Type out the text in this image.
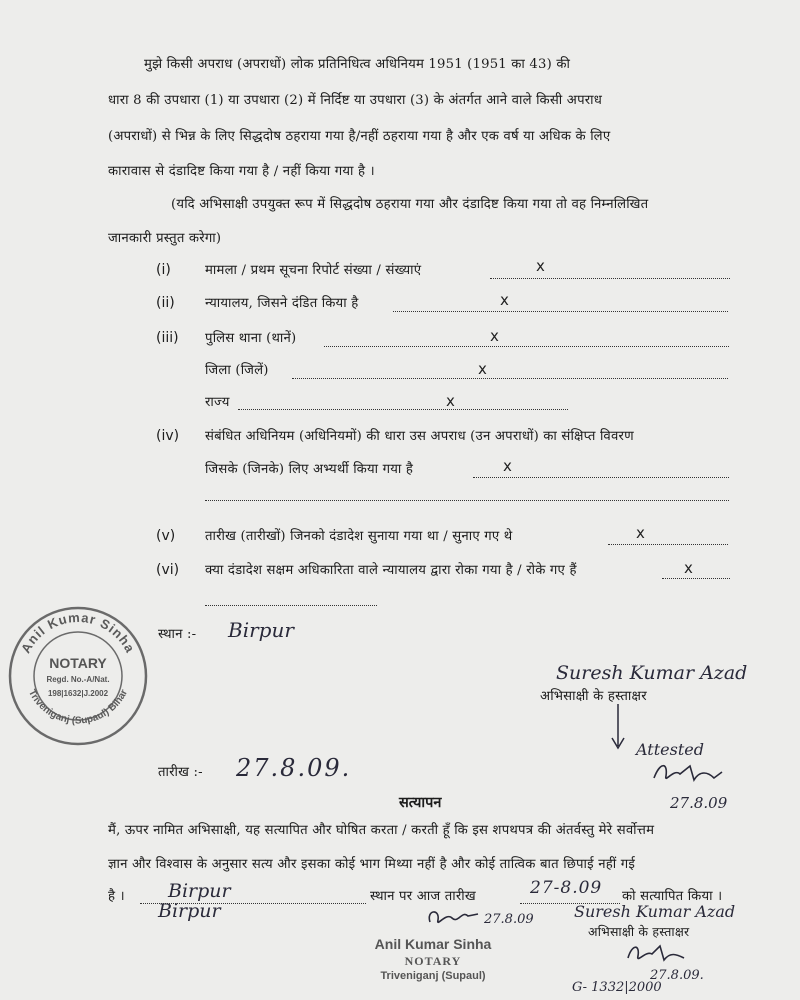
मुझे किसी अपराध (अपराधों) लोक प्रतिनिधित्व अधिनियम 1951 (1951 का 43) की
धारा 8 की उपधारा (1) या उपधारा (2) में निर्दिष्ट या उपधारा (3) के अंतर्गत आने वाले किसी अपराध
(अपराधों) से भिन्न के लिए सिद्धदोष ठहराया गया है/नहीं ठहराया गया है और एक वर्ष या अधिक के लिए
कारावास से दंडादिष्ट किया गया है / नहीं किया गया है ।
(यदि अभिसाक्षी उपयुक्त रूप में सिद्धदोष ठहराया गया और दंडादिष्ट किया गया तो वह निम्नलिखित
जानकारी प्रस्तुत करेगा)
(i)	मामला / प्रथम सूचना रिपोर्ट संख्या / संख्याएं	x
(ii) न्यायालय, जिसने दंडित किया है	x
(iii) पुलिस थाना (थानें)	x
जिला (जिलें)	x
राज्य	x
(iv) संबंधित अधिनियम (अधिनियमों) की धारा उस अपराध (उन अपराधों) का संक्षिप्त विवरण
जिसके (जिनके) लिए अभ्यर्थी किया गया है	x
(v) तारीख (तारीखों) जिनको दंडादेश सुनाया गया था / सुनाए गए थे	x
(vi) क्या दंडादेश सक्षम अधिकारिता वाले न्यायालय द्वारा रोका गया है / रोके गए हैं	x
स्थान :- Birpur
Suresh Kumar Azad
अभिसाक्षी के हस्ताक्षर
Attested
27.8.09
तारीख :- 27.8.09.
सत्यापन
मैं, ऊपर नामित अभिसाक्षी, यह सत्यापित और घोषित करता / करती हूँ कि इस शपथपत्र की अंतर्वस्तु मेरे सर्वोत्तम
ज्ञान और विश्वास के अनुसार सत्य और इसका कोई भाग मिथ्या नहीं है और कोई तात्विक बात छिपाई नहीं गई
है । Birpur	स्थान पर आज तारीख	27-8.09 को सत्यापित किया ।
Birpur	27.8.09	Suresh Kumar Azad
अभिसाक्षी के हस्ताक्षर
27.8.09.
G- 1332|2000
Anil Kumar Sinha
NOTARY
Triveniganj (Supaul)
Anil Kumar Sinha
Triveniganj (Supaul) Bihar
NOTARY
Regd. No.-A/Nat.
198|1632|J.2002
